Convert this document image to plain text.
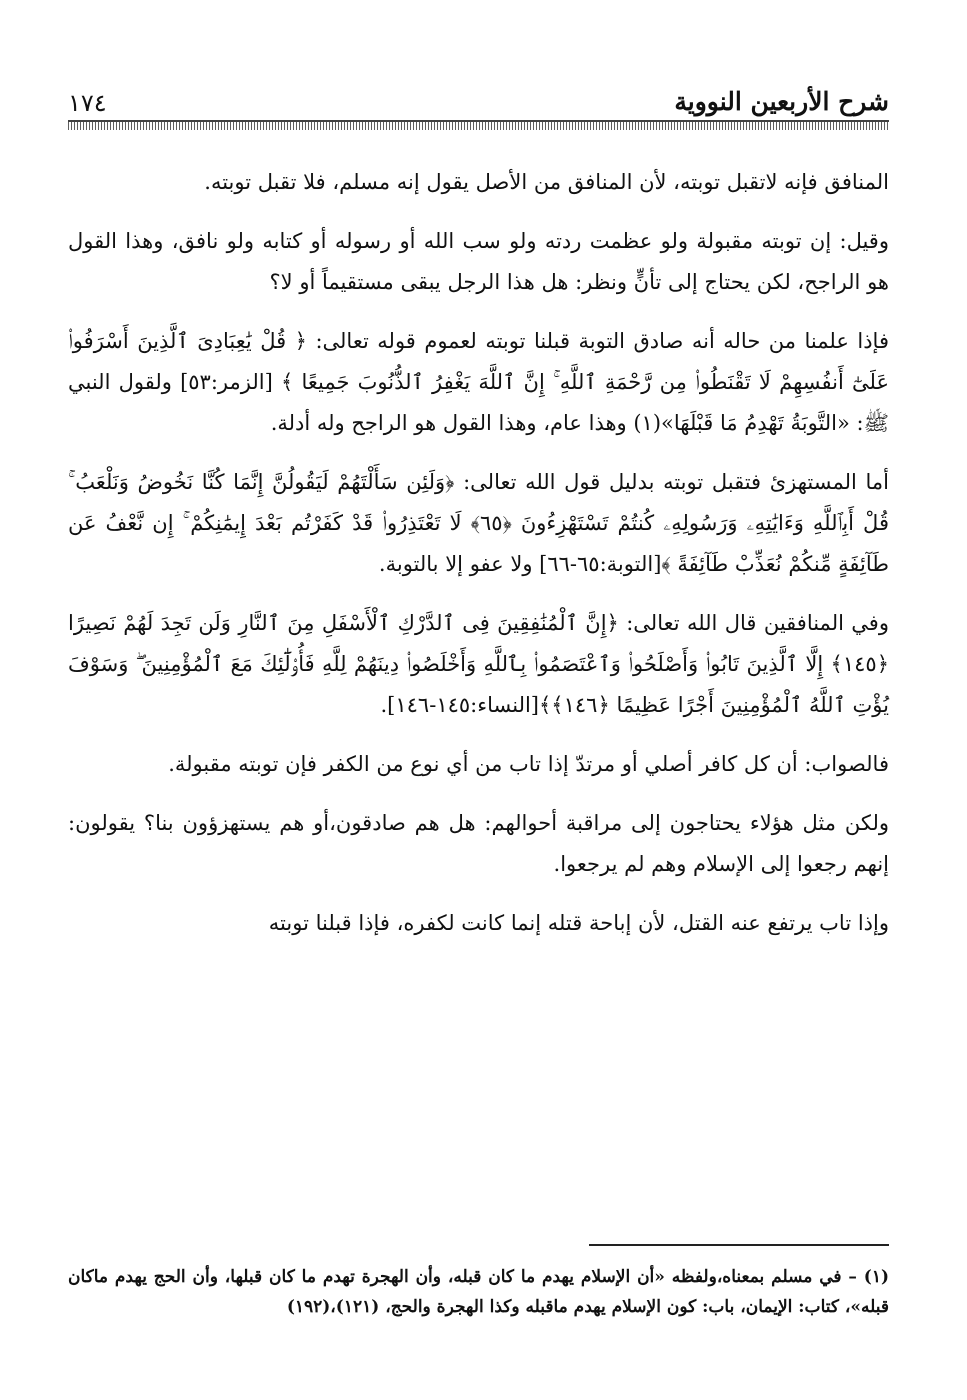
شرح الأربعين النووية
١٧٤

المنافق فإنه لاتقبل توبته، لأن المنافق من الأصل يقول إنه مسلم، فلا تقبل توبته.

وقيل: إن توبته مقبولة ولو عظمت ردته ولو سب الله أو رسوله أو كتابه ولو نافق، وهذا القول هو الراجح، لكن يحتاج إلى تأنٍّ ونظر: هل هذا الرجل يبقى مستقيماً أو لا؟

فإذا علمنا من حاله أنه صادق التوبة قبلنا توبته لعموم قوله تعالى: ﴿ قُلْ يَٰعِبَادِىَ ٱلَّذِينَ أَسْرَفُوا۟ عَلَىٰٓ أَنفُسِهِمْ لَا تَقْنَطُوا۟ مِن رَّحْمَةِ ٱللَّهِ ۚ إِنَّ ٱللَّهَ يَغْفِرُ ٱلذُّنُوبَ جَمِيعًا ﴾ [الزمر:٥٣] ولقول النبي ﷺ: «التَّوبَةُ تَهْدِمُ مَا قَبْلَهَا»(١) وهذا عام، وهذا القول هو الراجح وله أدلة.

أما المستهزئ فتقبل توبته بدليل قول الله تعالى: ﴿وَلَئِن سَأَلْتَهُمْ لَيَقُولُنَّ إِنَّمَا كُنَّا نَخُوضُ وَنَلْعَبُ ۚ قُلْ أَبِٱللَّهِ وَءَايَٰتِهِۦ وَرَسُولِهِۦ كُنتُمْ تَسْتَهْزِءُونَ ﴿٦٥﴾ لَا تَعْتَذِرُوا۟ قَدْ كَفَرْتُم بَعْدَ إِيمَٰنِكُمْ ۚ إِن نَّعْفُ عَن طَآئِفَةٍ مِّنكُمْ نُعَذِّبْ طَآئِفَةً ﴾[التوبة:٦٥-٦٦] ولا عفو إلا بالتوبة.

وفي المنافقين قال الله تعالى: ﴿إِنَّ ٱلْمُنَٰفِقِينَ فِى ٱلدَّرْكِ ٱلْأَسْفَلِ مِنَ ٱلنَّارِ وَلَن تَجِدَ لَهُمْ نَصِيرًا ﴿١٤٥﴾ إِلَّا ٱلَّذِينَ تَابُوا۟ وَأَصْلَحُوا۟ وَٱعْتَصَمُوا۟ بِٱللَّهِ وَأَخْلَصُوا۟ دِينَهُمْ لِلَّهِ فَأُو۟لَٰٓئِكَ مَعَ ٱلْمُؤْمِنِينَ ۖ وَسَوْفَ يُؤْتِ ٱللَّهُ ٱلْمُؤْمِنِينَ أَجْرًا عَظِيمًا ﴿١٤٦﴾﴾[النساء:١٤٥-١٤٦].

فالصواب: أن كل كافر أصلي أو مرتدّ إذا تاب من أي نوع من الكفر فإن توبته مقبولة.

ولكن مثل هؤلاء يحتاجون إلى مراقبة أحوالهم: هل هم صادقون،أو هم يستهزؤون بنا؟ يقولون: إنهم رجعوا إلى الإسلام وهم لم يرجعوا.

وإذا تاب يرتفع عنه القتل، لأن إباحة قتله إنما كانت لكفره، فإذا قبلنا توبته

(١) – في مسلم بمعناه،ولفظه «أن الإسلام يهدم ما كان قبله، وأن الهجرة تهدم ما كان قبلها، وأن الحج يهدم ماكان قبله»، كتاب: الإيمان، باب: كون الإسلام يهدم ماقبله وكذا الهجرة والحج، (١٢١)،(١٩٢)
